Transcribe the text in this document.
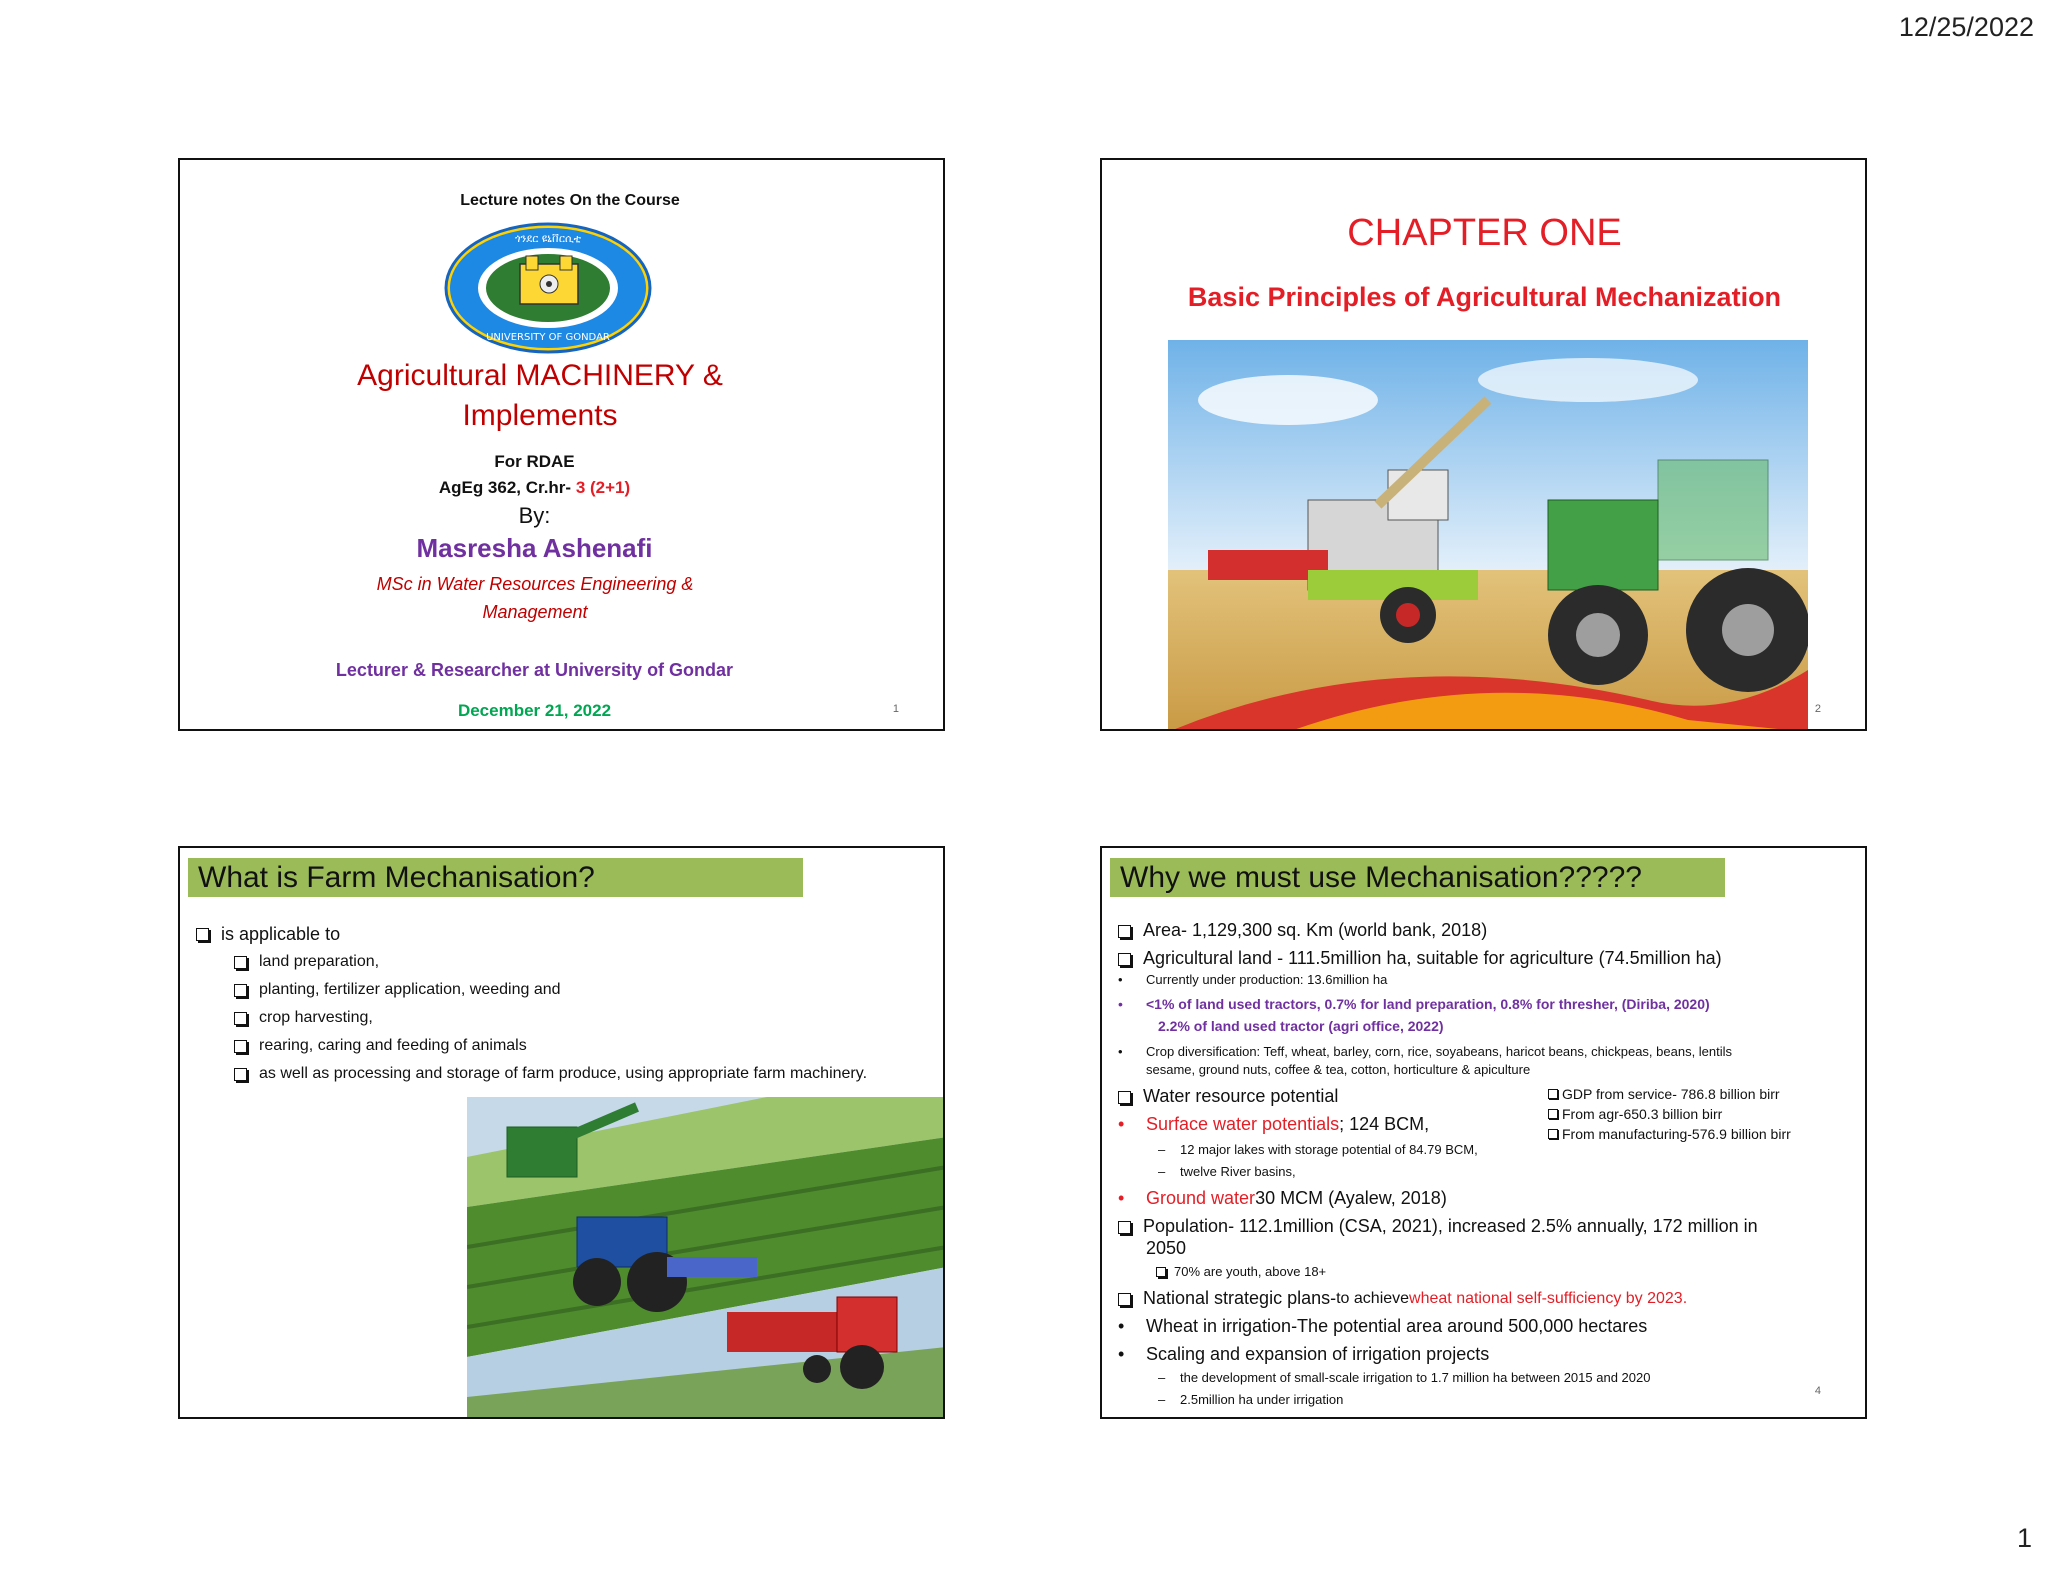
12/25/2022
Lecture notes On the Course
ጎንደር ዩኒቨርሲቲ
UNIVERSITY OF GONDAR
Agricultural MACHINERY &
Implements
For RDAE
AgEg 362, Cr.hr- 3 (2+1)
By:
Masresha Ashenafi
MSc in Water Resources Engineering &
Management
Lecturer & Researcher at University of Gondar
December 21, 2022	1
CHAPTER ONE
Basic Principles of Agricultural Mechanization
2
What is Farm Mechanisation?
is applicable to
land preparation,
planting, fertilizer application, weeding and
crop harvesting,
rearing, caring and feeding of animals
as well as processing and storage of farm produce, using appropriate farm machinery.
Why we must use Mechanisation?????
Area- 1,129,300 sq. Km (world bank, 2018)
Agricultural land - 111.5million ha, suitable for agriculture (74.5million ha)
•	Currently under production: 13.6million ha
•	<1% of land used tractors, 0.7% for land preparation, 0.8% for thresher, (Diriba, 2020)
2.2% of land used tractor (agri office, 2022)
•	Crop diversification: Teff, wheat, barley, corn, rice, soyabeans, haricot beans, chickpeas, beans, lentils
sesame, ground nuts, coffee & tea, cotton, horticulture & apiculture
Water resource potential
•	Surface water potentials ; 124 BCM,
–	12 major lakes with storage potential of 84.79 BCM,
–	twelve River basins,
GDP from service- 786.8 billion birr
From agr-650.3 billion birr
From manufacturing-576.9 billion birr
•	Ground water 30 MCM (Ayalew, 2018)
Population- 112.1million (CSA, 2021), increased 2.5% annually, 172 million in
2050
70% are youth, above 18+
National strategic plans- to achieve wheat national self-sufficiency by 2023.
•	Wheat in irrigation-The potential area around 500,000 hectares
•	Scaling and expansion of irrigation projects
–	the development of small-scale irrigation to 1.7 million ha between 2015 and 2020
–	2.5million ha under irrigation
4
1
